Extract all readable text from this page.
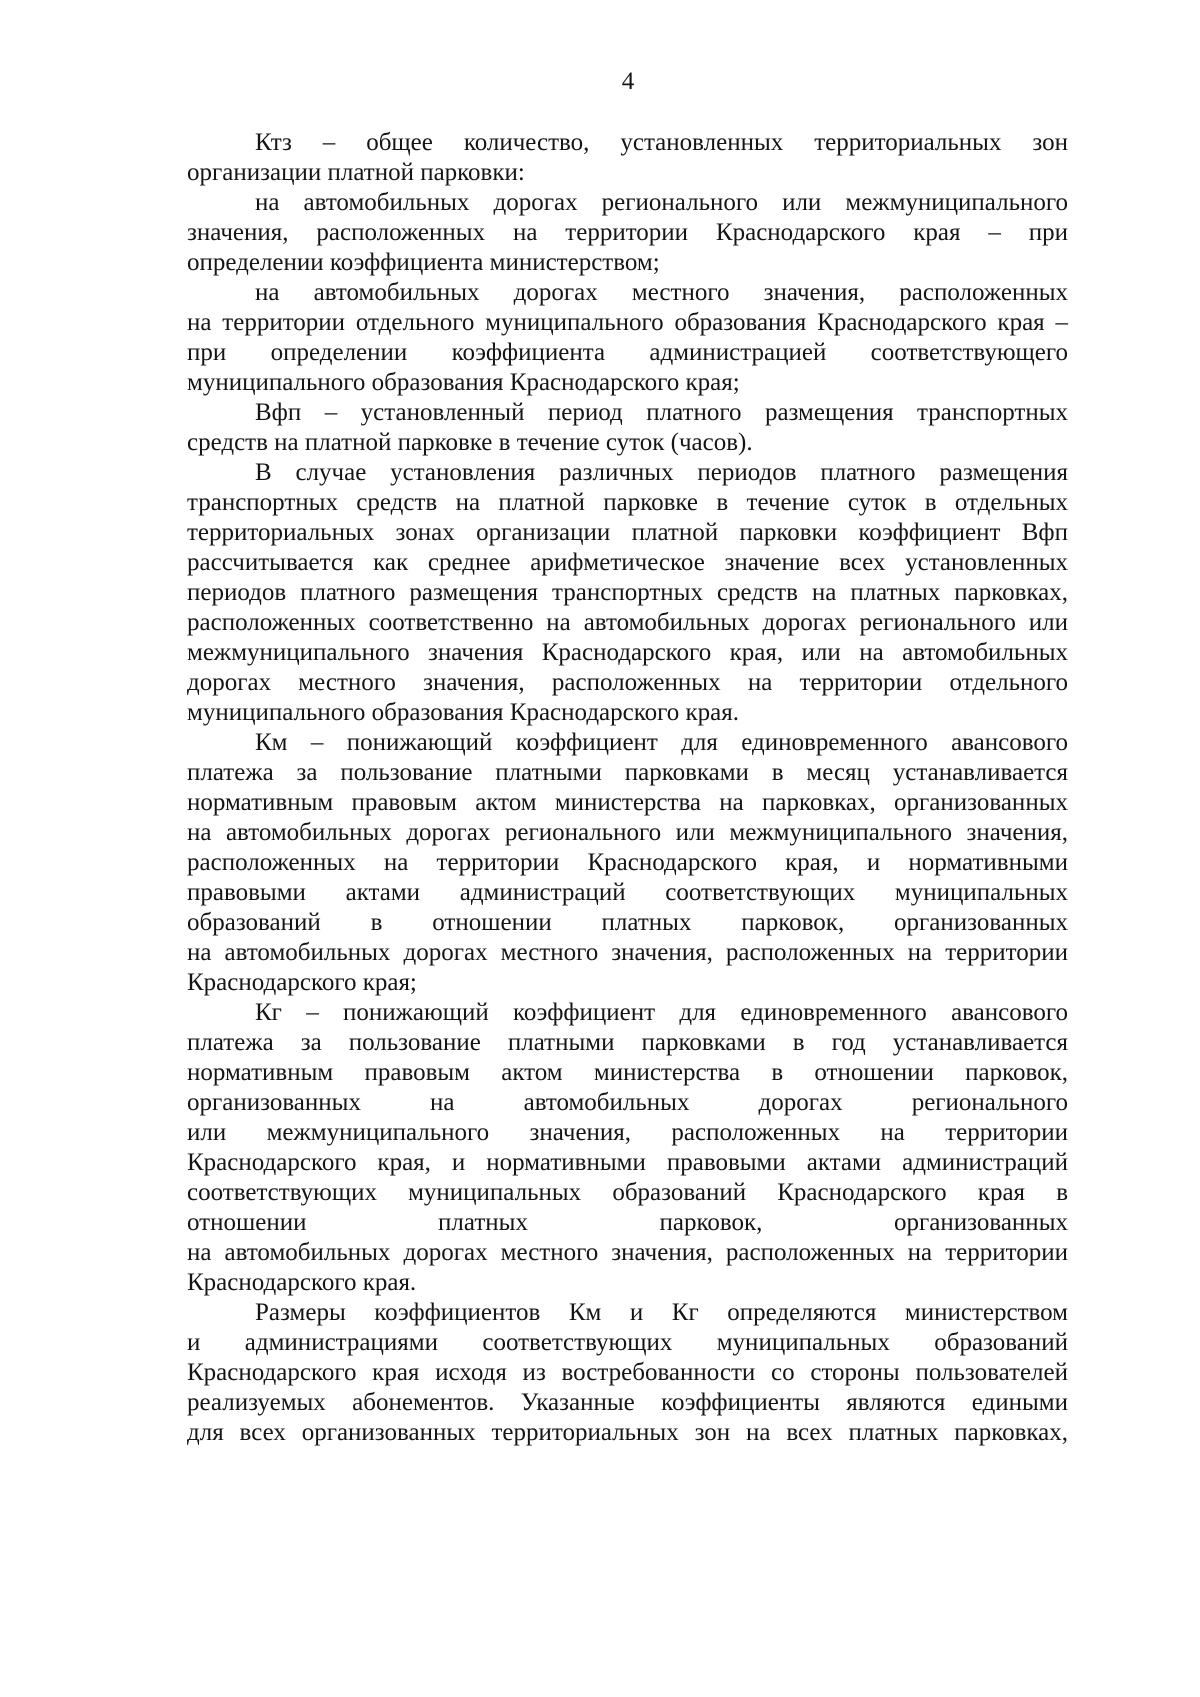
4
Ктз – общее количество, установленных территориальных зон
организации платной парковки:
на автомобильных дорогах регионального или межмуниципального
значения, расположенных на территории Краснодарского края – при
определении коэффициента министерством;
на автомобильных дорогах местного значения, расположенных
на территории отдельного муниципального образования Краснодарского края –
при определении коэффициента администрацией соответствующего
муниципального образования Краснодарского края;
Вфп – установленный период платного размещения транспортных
средств на платной парковке в течение суток (часов).
В случае установления различных периодов платного размещения
транспортных средств на платной парковке в течение суток в отдельных
территориальных зонах организации платной парковки коэффициент Вфп
рассчитывается как среднее арифметическое значение всех установленных
периодов платного размещения транспортных средств на платных парковках,
расположенных соответственно на автомобильных дорогах регионального или
межмуниципального значения Краснодарского края, или на автомобильных
дорогах местного значения, расположенных на территории отдельного
муниципального образования Краснодарского края.
Км – понижающий коэффициент для единовременного авансового
платежа за пользование платными парковками в месяц устанавливается
нормативным правовым актом министерства на парковках, организованных
на автомобильных дорогах регионального или межмуниципального значения,
расположенных на территории Краснодарского края, и нормативными
правовыми актами администраций соответствующих муниципальных
образований в отношении платных парковок, организованных
на автомобильных дорогах местного значения, расположенных на территории
Краснодарского края;
Кг – понижающий коэффициент для единовременного авансового
платежа за пользование платными парковками в год устанавливается
нормативным правовым актом министерства в отношении парковок,
организованных на автомобильных дорогах регионального
или межмуниципального значения, расположенных на территории
Краснодарского края, и нормативными правовыми актами администраций
соответствующих муниципальных образований Краснодарского края в
отношении платных парковок, организованных
на автомобильных дорогах местного значения, расположенных на территории
Краснодарского края.
Размеры коэффициентов Км и Кг определяются министерством
и администрациями соответствующих муниципальных образований
Краснодарского края исходя из востребованности со стороны пользователей
реализуемых абонементов. Указанные коэффициенты являются едиными
для всех организованных территориальных зон на всех платных парковках,
